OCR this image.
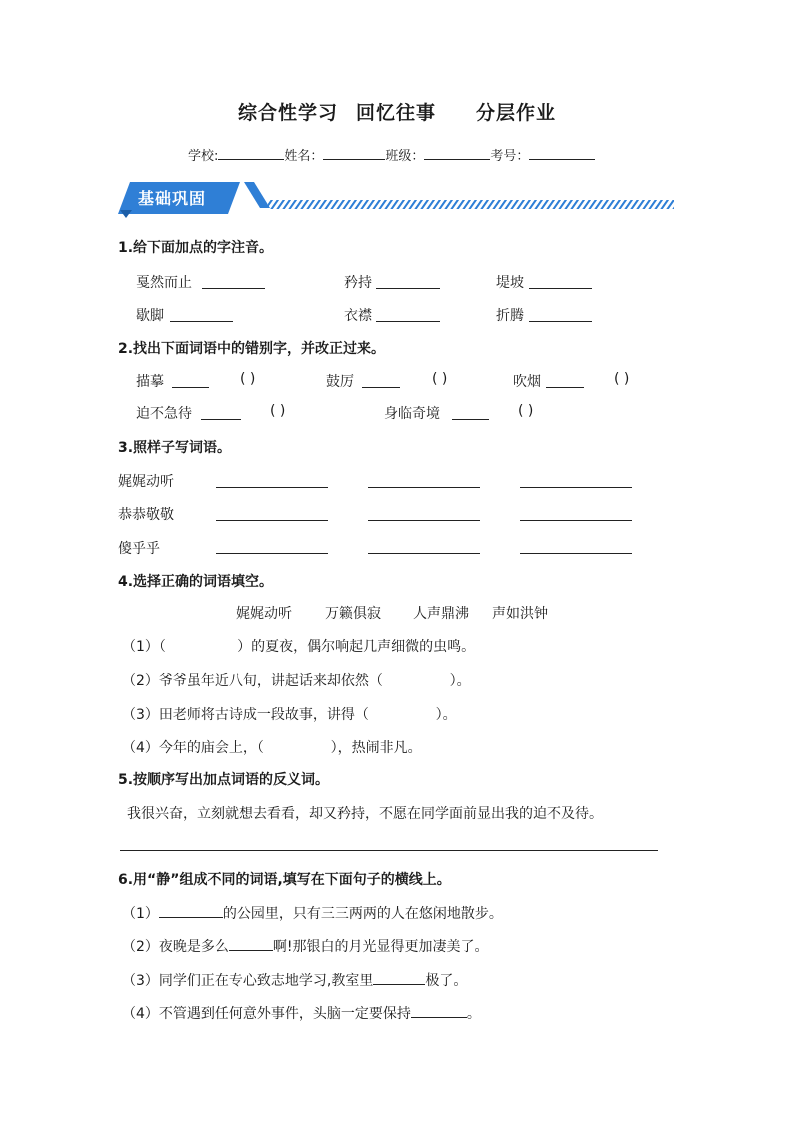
综合性学习 回忆往事 分层作业
学校:	姓名：	班级：	考号：
基础巩固
1.给下面加点的字注音。
戛然而止	矜持	堤坡
歇脚	衣襟	折腾
2.找出下面词语中的错别字，并改正过来。
描摹	( )	鼓厉	( )	吹烟	( )
迫不急待	( )	身临奇境	( )
3.照样子写词语。
娓娓动听
恭恭敬敬
傻乎乎
4.选择正确的词语填空。
娓娓动听 万籁俱寂 人声鼎沸 声如洪钟
（1）（                ）的夏夜，偶尔响起几声细微的虫鸣。
（2）爷爷虽年近八旬，讲起话来却依然（               ）。
（3）田老师将古诗成一段故事，讲得（               ）。
（4）今年的庙会上，（               ），热闹非凡。
5.按顺序写出加点词语的反义词。
我很兴奋，立刻就想去看看，却又矜持，不愿在同学面前显出我的迫不及待。
6.用“静”组成不同的词语,填写在下面句子的横线上。
（1）	的公园里，只有三三两两的人在悠闲地散步。
（2）夜晚是多么	啊!那银白的月光显得更加凄美了。
（3）同学们正在专心致志地学习,教室里	极了。
（4）不管遇到任何意外事件，头脑一定要保持	。
